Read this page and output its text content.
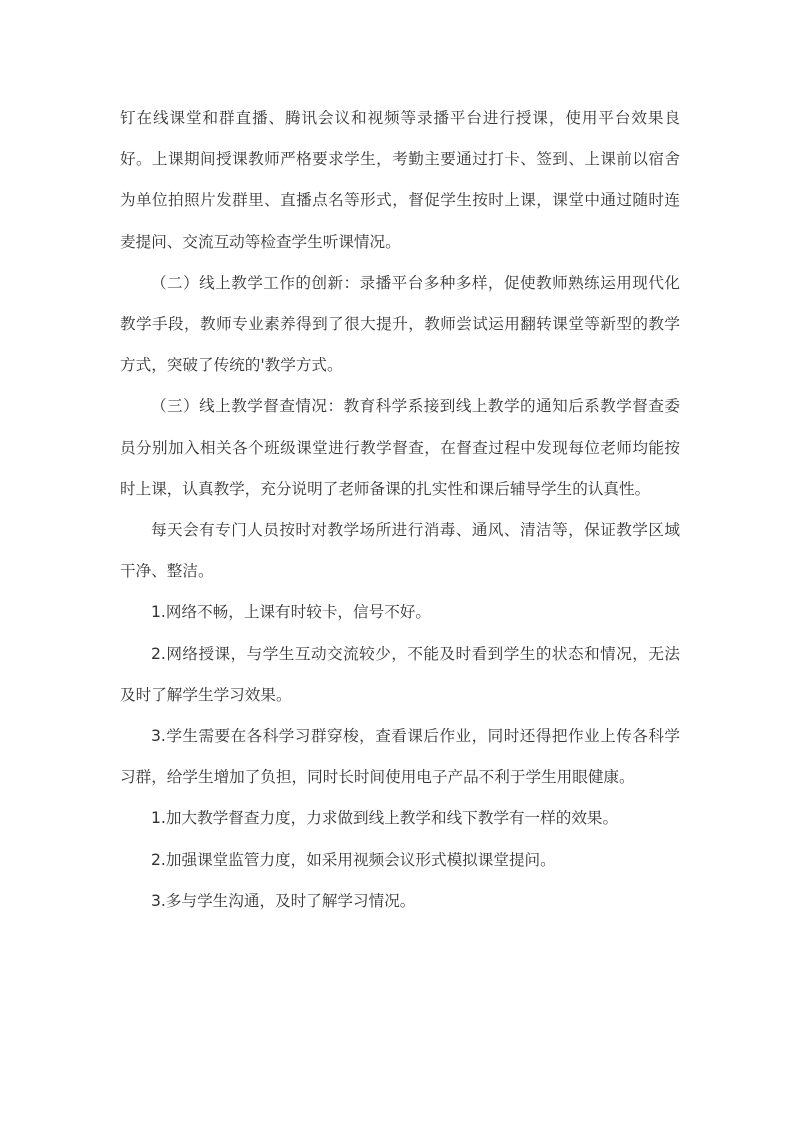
钉在线课堂和群直播、腾讯会议和视频等录播平台进行授课，使用平台效果良好。上课期间授课教师严格要求学生，考勤主要通过打卡、签到、上课前以宿舍为单位拍照片发群里、直播点名等形式，督促学生按时上课，课堂中通过随时连麦提问、交流互动等检查学生听课情况。

（二）线上教学工作的创新：录播平台多种多样，促使教师熟练运用现代化教学手段，教师专业素养得到了很大提升，教师尝试运用翻转课堂等新型的教学方式，突破了传统的'教学方式。

（三）线上教学督查情况：教育科学系接到线上教学的通知后系教学督查委员分别加入相关各个班级课堂进行教学督查，在督查过程中发现每位老师均能按时上课，认真教学，充分说明了老师备课的扎实性和课后辅导学生的认真性。

每天会有专门人员按时对教学场所进行消毒、通风、清洁等，保证教学区域干净、整洁。

1.网络不畅，上课有时较卡，信号不好。

2.网络授课，与学生互动交流较少，不能及时看到学生的状态和情况，无法及时了解学生学习效果。

3.学生需要在各科学习群穿梭，查看课后作业，同时还得把作业上传各科学习群，给学生增加了负担，同时长时间使用电子产品不利于学生用眼健康。

1.加大教学督查力度，力求做到线上教学和线下教学有一样的效果。

2.加强课堂监管力度，如采用视频会议形式模拟课堂提问。

3.多与学生沟通，及时了解学习情况。
